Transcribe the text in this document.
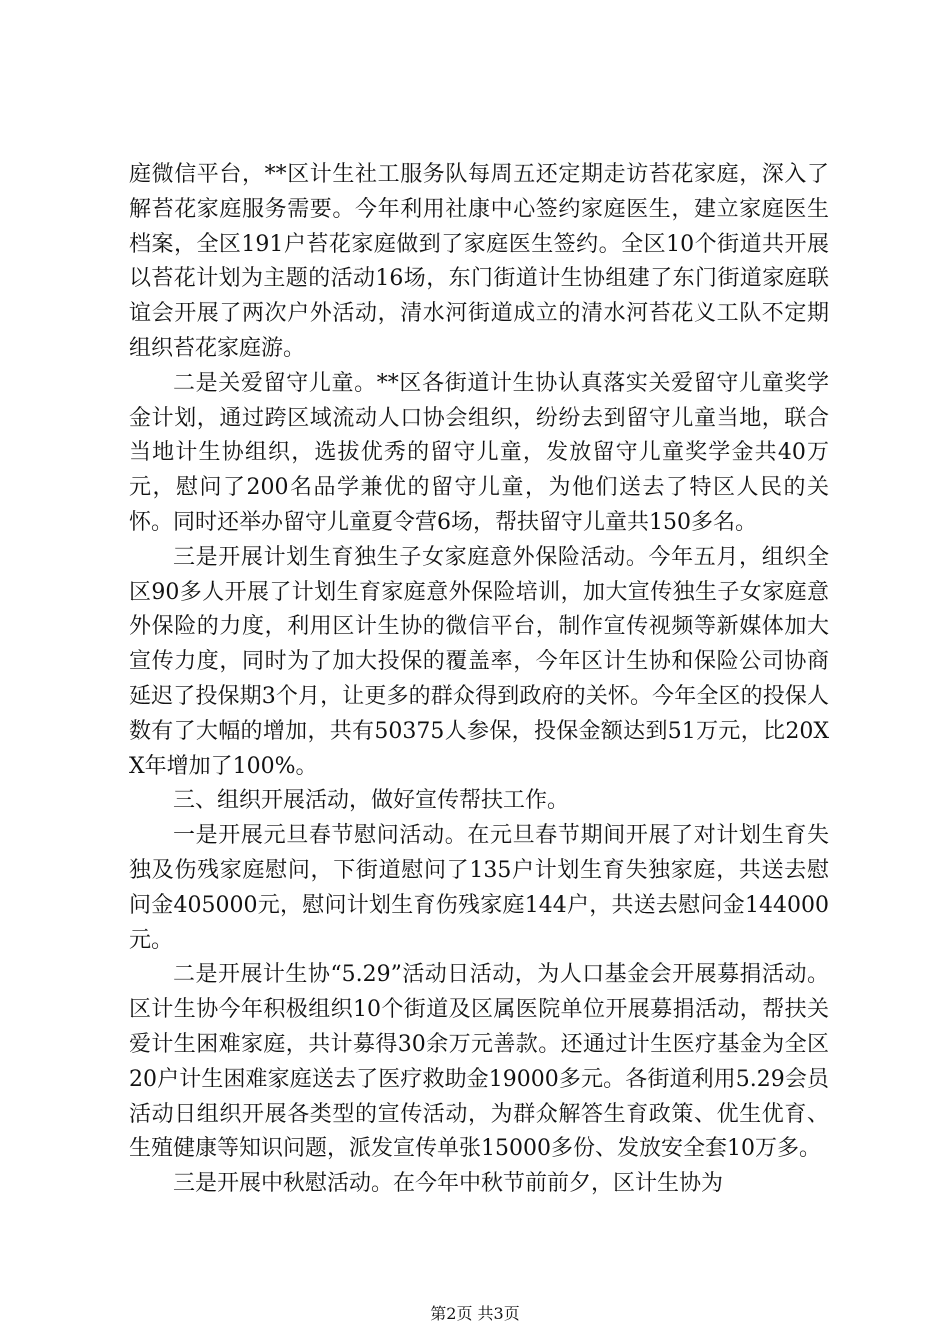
庭微信平台，**区计生社工服务队每周五还定期走访苔花家庭，深入了解苔花家庭服务需要。今年利用社康中心签约家庭医生，建立家庭医生档案，全区191户苔花家庭做到了家庭医生签约。全区10个街道共开展以苔花计划为主题的活动16场，东门街道计生协组建了东门街道家庭联谊会开展了两次户外活动，清水河街道成立的清水河苔花义工队不定期组织苔花家庭游。

二是关爱留守儿童。**区各街道计生协认真落实关爱留守儿童奖学金计划，通过跨区域流动人口协会组织，纷纷去到留守儿童当地，联合当地计生协组织，选拔优秀的留守儿童，发放留守儿童奖学金共40万元，慰问了200名品学兼优的留守儿童，为他们送去了特区人民的关怀。同时还举办留守儿童夏令营6场，帮扶留守儿童共150多名。

三是开展计划生育独生子女家庭意外保险活动。今年五月，组织全区90多人开展了计划生育家庭意外保险培训，加大宣传独生子女家庭意外保险的力度，利用区计生协的微信平台，制作宣传视频等新媒体加大宣传力度，同时为了加大投保的覆盖率，今年区计生协和保险公司协商延迟了投保期3个月，让更多的群众得到政府的关怀。今年全区的投保人数有了大幅的增加，共有50375人参保，投保金额达到51万元，比20XX年增加了100%。

三、组织开展活动，做好宣传帮扶工作。

一是开展元旦春节慰问活动。在元旦春节期间开展了对计划生育失独及伤残家庭慰问，下街道慰问了135户计划生育失独家庭，共送去慰问金405000元，慰问计划生育伤残家庭144户，共送去慰问金144000元。

二是开展计生协“5.29”活动日活动，为人口基金会开展募捐活动。区计生协今年积极组织10个街道及区属医院单位开展募捐活动，帮扶关爱计生困难家庭，共计募得30余万元善款。还通过计生医疗基金为全区20户计生困难家庭送去了医疗救助金19000多元。各街道利用5.29会员活动日组织开展各类型的宣传活动，为群众解答生育政策、优生优育、生殖健康等知识问题，派发宣传单张15000多份、发放安全套10万多。

三是开展中秋慰活动。在今年中秋节前前夕，区计生协为

第2页 共3页
